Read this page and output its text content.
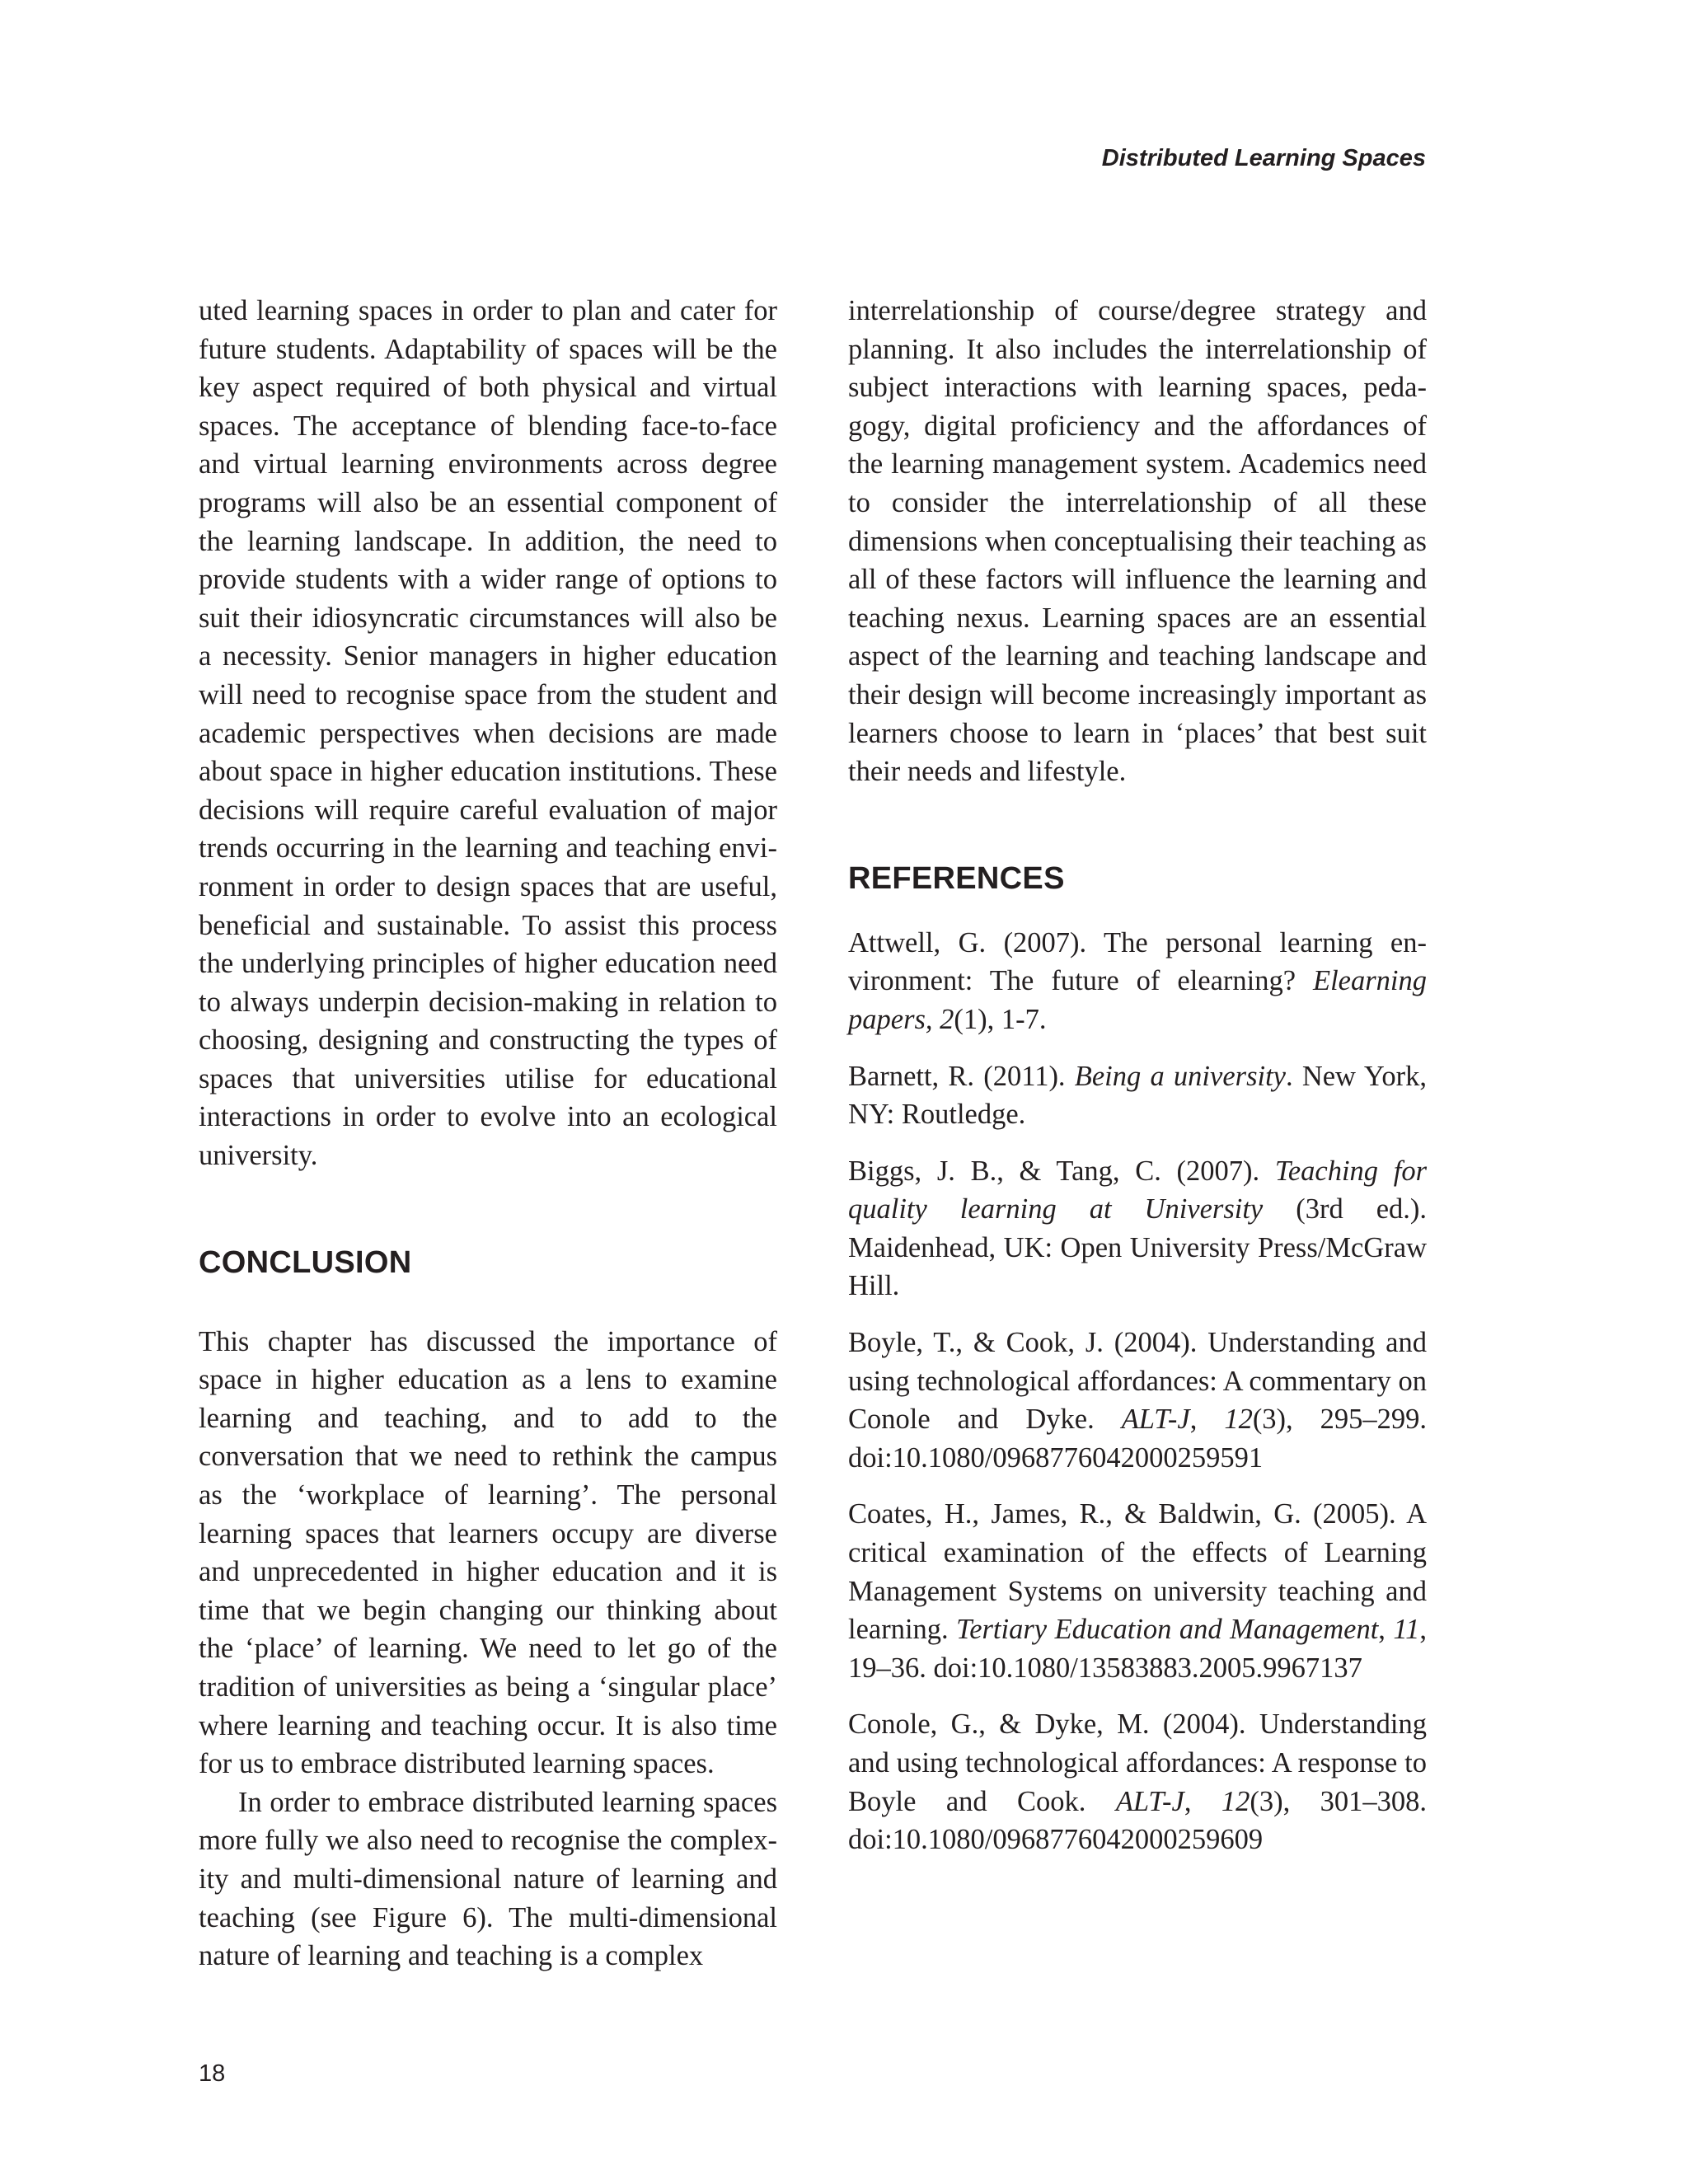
Distributed Learning Spaces

uted learning spaces in order to plan and cater for future students. Adaptability of spaces will be the key aspect required of both physical and virtual spaces. The acceptance of blending face-to-face and virtual learning environments across degree programs will also be an essential component of the learning landscape. In addition, the need to provide students with a wider range of options to suit their idiosyncratic circumstances will also be a necessity. Senior managers in higher education will need to recognise space from the student and academic perspectives when decisions are made about space in higher education institutions. These decisions will require careful evaluation of major trends occurring in the learning and teaching environment in order to design spaces that are useful, beneficial and sustainable. To assist this process the underlying principles of higher education need to always underpin decision-making in relation to choosing, designing and constructing the types of spaces that universities utilise for educational interactions in order to evolve into an ecological university.

CONCLUSION

This chapter has discussed the importance of space in higher education as a lens to examine learning and teaching, and to add to the conversation that we need to rethink the campus as the ‘workplace of learning’. The personal learning spaces that learners occupy are diverse and unprecedented in higher education and it is time that we begin changing our thinking about the ‘place’ of learning. We need to let go of the tradition of universities as being a ‘singular place’ where learning and teaching occur. It is also time for us to embrace distributed learning spaces.

In order to embrace distributed learning spaces more fully we also need to recognise the complexity and multi-dimensional nature of learning and teaching (see Figure 6). The multi-dimensional nature of learning and teaching is a complex

interrelationship of course/degree strategy and planning. It also includes the interrelationship of subject interactions with learning spaces, pedagogy, digital proficiency and the affordances of the learning management system. Academics need to consider the interrelationship of all these dimensions when conceptualising their teaching as all of these factors will influence the learning and teaching nexus. Learning spaces are an essential aspect of the learning and teaching landscape and their design will become increasingly important as learners choose to learn in ‘places’ that best suit their needs and lifestyle.

REFERENCES

Attwell, G. (2007). The personal learning environment: The future of elearning? Elearning papers, 2(1), 1-7.

Barnett, R. (2011). Being a university. New York, NY: Routledge.

Biggs, J. B., & Tang, C. (2007). Teaching for quality learning at University (3rd ed.). Maidenhead, UK: Open University Press/McGraw Hill.

Boyle, T., & Cook, J. (2004). Understanding and using technological affordances: A commentary on Conole and Dyke. ALT-J, 12(3), 295–299. doi:10.1080/0968776042000259591

Coates, H., James, R., & Baldwin, G. (2005). A critical examination of the effects of Learning Management Systems on university teaching and learning. Tertiary Education and Management, 11, 19–36. doi:10.1080/13583883.2005.9967137

Conole, G., & Dyke, M. (2004). Understanding and using technological affordances: A response to Boyle and Cook. ALT-J, 12(3), 301–308. doi:10.1080/0968776042000259609

18
